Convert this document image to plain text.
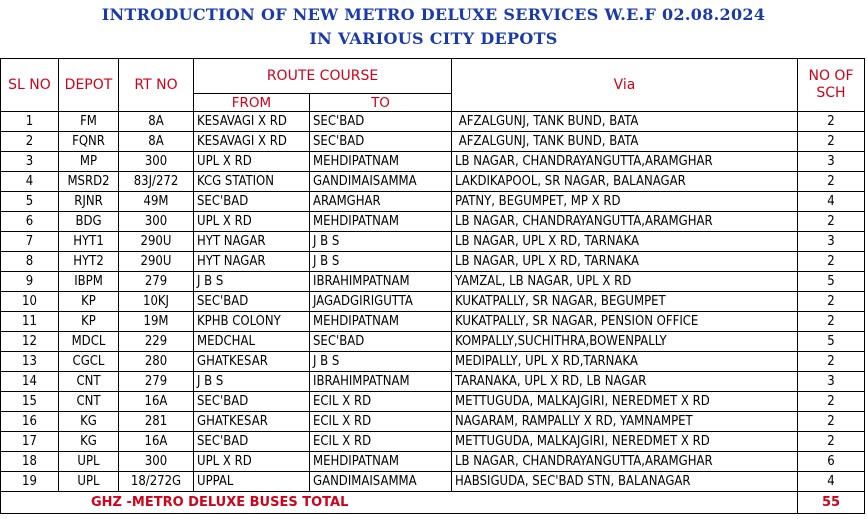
INTRODUCTION OF NEW METRO DELUXE SERVICES W.E.F 02.08.2024
IN VARIOUS CITY DEPOTS
SL NO	DEPOT	RT NO	ROUTE COURSE		Via	NO OF SCH
			FROM	TO		
1	FM	8A	KESAVAGI X RD	SEC'BAD	AFZALGUNJ, TANK BUND, BATA	2
2	FQNR	8A	KESAVAGI X RD	SEC'BAD	AFZALGUNJ, TANK BUND, BATA	2
3	MP	300	UPL X RD	MEHDIPATNAM	LB NAGAR, CHANDRAYANGUTTA,ARAMGHAR	3
4	MSRD2	83J/272	KCG STATION	GANDIMAISAMMA	LAKDIKAPOOL, SR NAGAR, BALANAGAR	2
5	RJNR	49M	SEC'BAD	ARAMGHAR	PATNY, BEGUMPET, MP X RD	4
6	BDG	300	UPL X RD	MEHDIPATNAM	LB NAGAR, CHANDRAYANGUTTA,ARAMGHAR	2
7	HYT1	290U	HYT NAGAR	J B S	LB NAGAR, UPL X RD, TARNAKA	3
8	HYT2	290U	HYT NAGAR	J B S	LB NAGAR, UPL X RD, TARNAKA	2
9	IBPM	279	J B S	IBRAHIMPATNAM	YAMZAL, LB NAGAR, UPL X RD	5
10	KP	10KJ	SEC'BAD	JAGADGIRIGUTTA	KUKATPALLY, SR NAGAR, BEGUMPET	2
11	KP	19M	KPHB COLONY	MEHDIPATNAM	KUKATPALLY, SR NAGAR, PENSION OFFICE	2
12	MDCL	229	MEDCHAL	SEC'BAD	KOMPALLY,SUCHITHRA,BOWENPALLY	5
13	CGCL	280	GHATKESAR	J B S	MEDIPALLY, UPL X RD,TARNAKA	2
14	CNT	279	J B S	IBRAHIMPATNAM	TARANAKA, UPL X RD, LB NAGAR	3
15	CNT	16A	SEC'BAD	ECIL X RD	METTUGUDA, MALKAJGIRI, NEREDMET X RD	2
16	KG	281	GHATKESAR	ECIL X RD	NAGARAM, RAMPALLY X RD, YAMNAMPET	2
17	KG	16A	SEC'BAD	ECIL X RD	METTUGUDA, MALKAJGIRI, NEREDMET X RD	2
18	UPL	300	UPL X RD	MEHDIPATNAM	LB NAGAR, CHANDRAYANGUTTA,ARAMGHAR	6
19	UPL	18/272G	UPPAL	GANDIMAISAMMA	HABSIGUDA, SEC'BAD STN, BALANAGAR	4
GHZ -METRO DELUXE BUSES TOTAL						55
